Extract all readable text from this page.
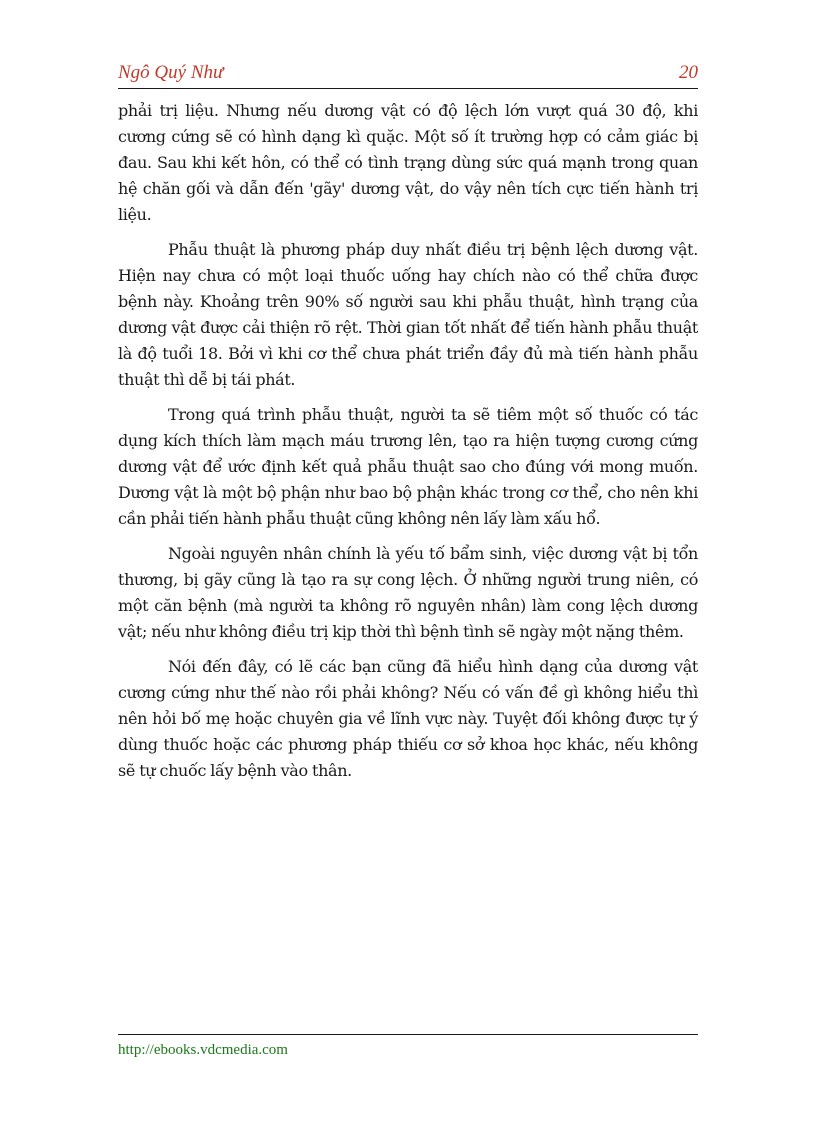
Ngô Quý Như	20

phải trị liệu. Nhưng nếu dương vật có độ lệch lớn vượt quá 30 độ, khi cương cứng sẽ có hình dạng kì quặc. Một số ít trường hợp có cảm giác bị đau. Sau khi kết hôn, có thể có tình trạng dùng sức quá mạnh trong quan hệ chăn gối và dẫn đến 'gãy' dương vật, do vậy nên tích cực tiến hành trị liệu.

Phẫu thuật là phương pháp duy nhất điều trị bệnh lệch dương vật. Hiện nay chưa có một loại thuốc uống hay chích nào có thể chữa được bệnh này. Khoảng trên 90% số người sau khi phẫu thuật, hình trạng của dương vật được cải thiện rõ rệt. Thời gian tốt nhất để tiến hành phẫu thuật là độ tuổi 18. Bởi vì khi cơ thể chưa phát triển đầy đủ mà tiến hành phẫu thuật thì dễ bị tái phát.

Trong quá trình phẫu thuật, người ta sẽ tiêm một số thuốc có tác dụng kích thích làm mạch máu trương lên, tạo ra hiện tượng cương cứng dương vật để ước định kết quả phẫu thuật sao cho đúng với mong muốn. Dương vật là một bộ phận như bao bộ phận khác trong cơ thể, cho nên khi cần phải tiến hành phẫu thuật cũng không nên lấy làm xấu hổ.

Ngoài nguyên nhân chính là yếu tố bẩm sinh, việc dương vật bị tổn thương, bị gãy cũng là tạo ra sự cong lệch. Ở những người trung niên, có một căn bệnh (mà người ta không rõ nguyên nhân) làm cong lệch dương vật; nếu như không điều trị kịp thời thì bệnh tình sẽ ngày một nặng thêm.

Nói đến đây, có lẽ các bạn cũng đã hiểu hình dạng của dương vật cương cứng như thế nào rồi phải không? Nếu có vấn đề gì không hiểu thì nên hỏi bố mẹ hoặc chuyên gia về lĩnh vực này. Tuyệt đối không được tự ý dùng thuốc hoặc các phương pháp thiếu cơ sở khoa học khác, nếu không sẽ tự chuốc lấy bệnh vào thân.

http://ebooks.vdcmedia.com
